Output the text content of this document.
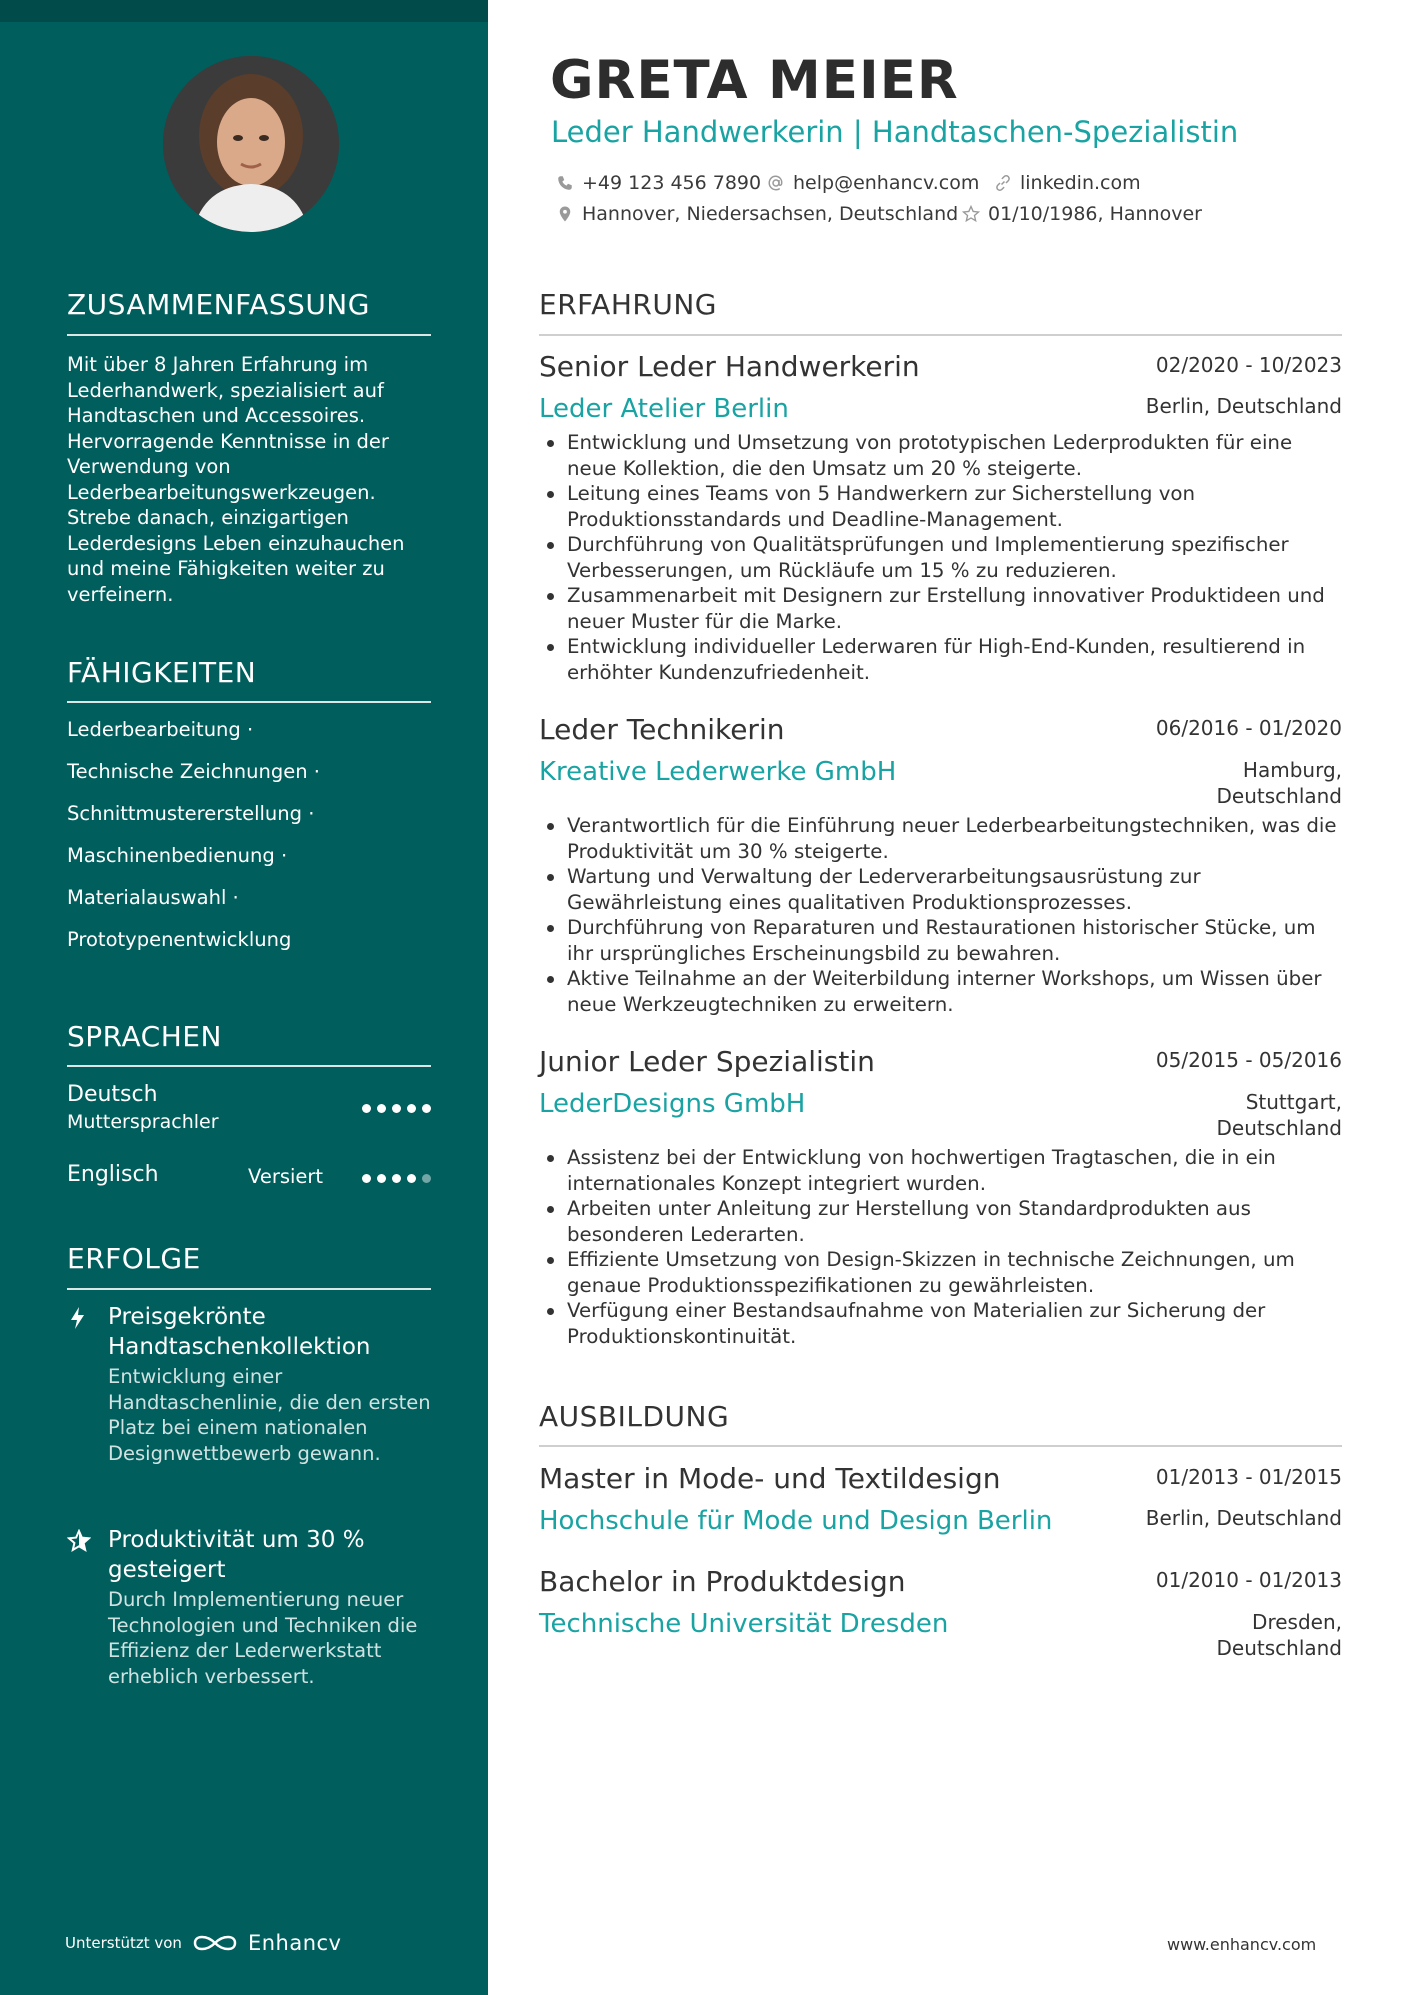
ZUSAMMENFASSUNG
Mit über 8 Jahren Erfahrung im Lederhandwerk, spezialisiert auf Handtaschen und Accessoires. Hervorragende Kenntnisse in der Verwendung von Lederbearbeitungswerkzeugen. Strebe danach, einzigartigen Lederdesigns Leben einzuhauchen und meine Fähigkeiten weiter zu verfeinern.
FÄHIGKEITEN
Lederbearbeitung ·
Technische Zeichnungen ·
Schnittmustererstellung ·
Maschinenbedienung ·
Materialauswahl ·
Prototypenentwicklung
SPRACHEN
Deutsch
Muttersprachler
Englisch	Versiert
ERFOLGE
Preisgekrönte Handtaschenkollektion
Entwicklung einer Handtaschenlinie, die den ersten Platz bei einem nationalen Designwettbewerb gewann.
Produktivität um 30 % gesteigert
Durch Implementierung neuer Technologien und Techniken die Effizienz der Lederwerkstatt erheblich verbessert.
Unterstützt von	Enhancv
GRETA MEIER
Leder Handwerkerin | Handtaschen-Spezialistin
+49 123 456 7890 help@enhancv.com linkedin.com
Hannover, Niedersachsen, Deutschland 01/10/1986, Hannover
ERFAHRUNG
Senior Leder Handwerkerin	02/2020 - 10/2023
Leder Atelier Berlin	Berlin, Deutschland
Entwicklung und Umsetzung von prototypischen Lederprodukten für eine neue Kollektion, die den Umsatz um 20 % steigerte.
Leitung eines Teams von 5 Handwerkern zur Sicherstellung von Produktionsstandards und Deadline-Management.
Durchführung von Qualitätsprüfungen und Implementierung spezifischer Verbesserungen, um Rückläufe um 15 % zu reduzieren.
Zusammenarbeit mit Designern zur Erstellung innovativer Produktideen und neuer Muster für die Marke.
Entwicklung individueller Lederwaren für High-End-Kunden, resultierend in erhöhter Kundenzufriedenheit.
Leder Technikerin	06/2016 - 01/2020
Kreative Lederwerke GmbH	Hamburg, Deutschland
Verantwortlich für die Einführung neuer Lederbearbeitungstechniken, was die Produktivität um 30 % steigerte.
Wartung und Verwaltung der Lederverarbeitungsausrüstung zur Gewährleistung eines qualitativen Produktionsprozesses.
Durchführung von Reparaturen und Restaurationen historischer Stücke, um ihr ursprüngliches Erscheinungsbild zu bewahren.
Aktive Teilnahme an der Weiterbildung interner Workshops, um Wissen über neue Werkzeugtechniken zu erweitern.
Junior Leder Spezialistin	05/2015 - 05/2016
LederDesigns GmbH	Stuttgart, Deutschland
Assistenz bei der Entwicklung von hochwertigen Tragtaschen, die in ein internationales Konzept integriert wurden.
Arbeiten unter Anleitung zur Herstellung von Standardprodukten aus besonderen Lederarten.
Effiziente Umsetzung von Design-Skizzen in technische Zeichnungen, um genaue Produktionsspezifikationen zu gewährleisten.
Verfügung einer Bestandsaufnahme von Materialien zur Sicherung der Produktionskontinuität.
AUSBILDUNG
Master in Mode- und Textildesign	01/2013 - 01/2015
Hochschule für Mode und Design Berlin	Berlin, Deutschland
Bachelor in Produktdesign	01/2010 - 01/2013
Technische Universität Dresden	Dresden, Deutschland
www.enhancv.com
